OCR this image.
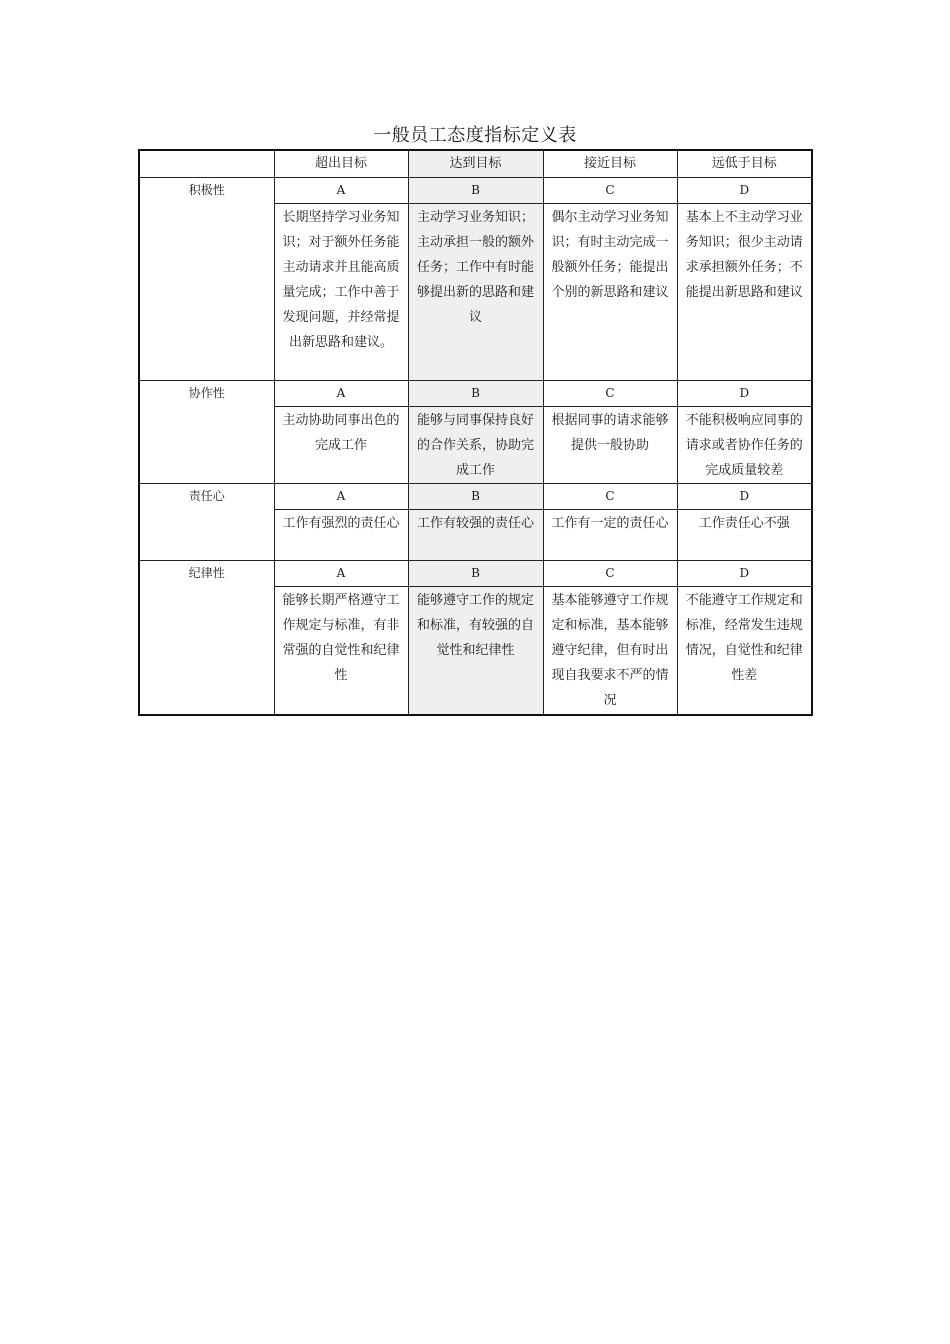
一般员工态度指标定义表
	超出目标	达到目标	接近目标	远低于目标
积极性	A	B	C	D
	长期坚持学习业务知识；对于额外任务能主动请求并且能高质量完成；工作中善于发现问题，并经常提出新思路和建议。	主动学习业务知识；主动承担一般的额外任务；工作中有时能够提出新的思路和建议	偶尔主动学习业务知识；有时主动完成一般额外任务；能提出个别的新思路和建议	基本上不主动学习业务知识；很少主动请求承担额外任务；不能提出新思路和建议
协作性	A	B	C	D
	主动协助同事出色的完成工作	能够与同事保持良好的合作关系，协助完成工作	根据同事的请求能够提供一般协助	不能积极响应同事的请求或者协作任务的完成质量较差
责任心	A	B	C	D
	工作有强烈的责任心	工作有较强的责任心	工作有一定的责任心	工作责任心不强
纪律性	A	B	C	D
	能够长期严格遵守工作规定与标准，有非常强的自觉性和纪律性	能够遵守工作的规定和标准，有较强的自觉性和纪律性	基本能够遵守工作规定和标准，基本能够遵守纪律，但有时出现自我要求不严的情况	不能遵守工作规定和标准，经常发生违规情况，自觉性和纪律性差
